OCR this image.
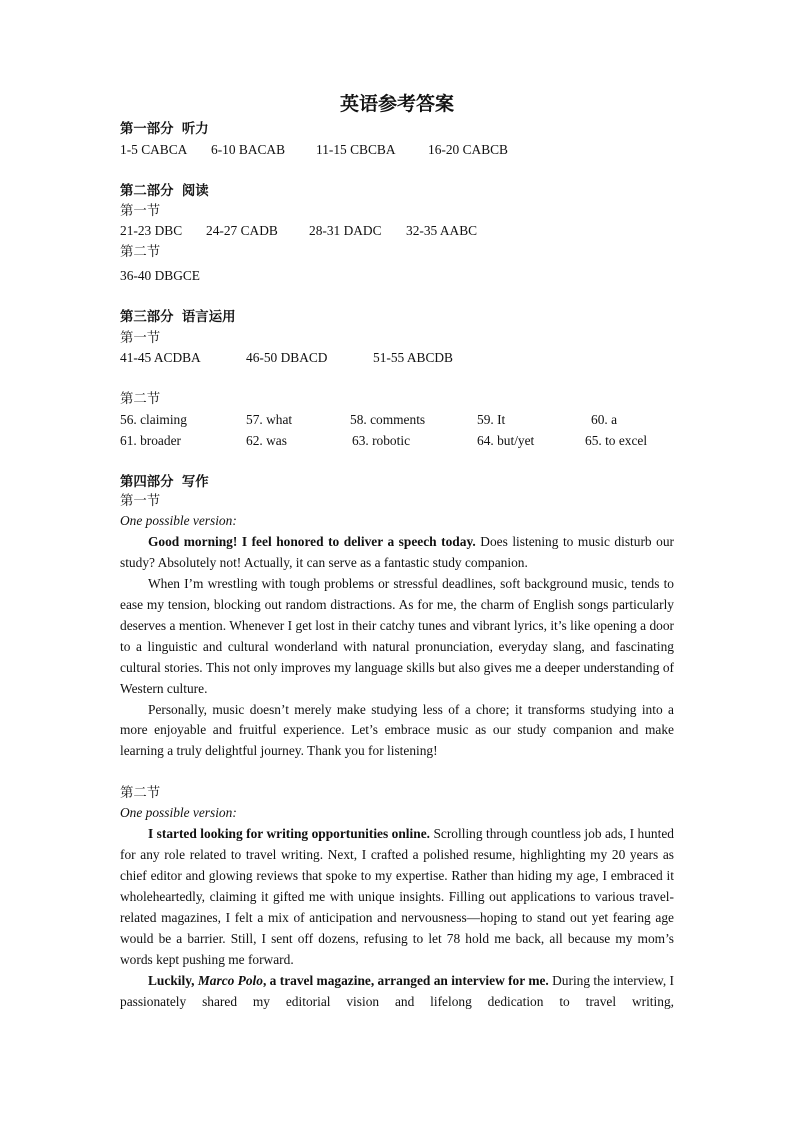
英语参考答案
第一部分 听力
1-5 CABCA 6-10 BACAB 11-15 CBCBA 16-20 CABCB
第二部分 阅读
第一节
21-23 DBC 24-27 CADB 28-31 DADC 32-35 AABC
第二节
36-40 DBGCE
第三部分 语言运用
第一节
41-45 ACDBA	46-50 DBACD	51-55 ABCDB
第二节
56. claiming	57. what	58. comments	59. It	60. a
61. broader	62. was	63. robotic	64. but/yet	65. to excel
第四部分 写作

第一节

One possible version:

Good morning! I feel honored to deliver a speech today. Does listening to music disturb our study? Absolutely not! Actually, it can serve as a fantastic study companion.

When I’m wrestling with tough problems or stressful deadlines, soft background music, tends to ease my tension, blocking out random distractions. As for me, the charm of English songs particularly deserves a mention. Whenever I get lost in their catchy tunes and vibrant lyrics, it’s like opening a door to a linguistic and cultural wonderland with natural pronunciation, everyday slang, and fascinating cultural stories. This not only improves my language skills but also gives me a deeper understanding of Western culture.

Personally, music doesn’t merely make studying less of a chore; it transforms studying into a more enjoyable and fruitful experience. Let’s embrace music as our study companion and make learning a truly delightful journey. Thank you for listening!

第二节

One possible version:

I started looking for writing opportunities online. Scrolling through countless job ads, I hunted for any role related to travel writing. Next, I crafted a polished resume, highlighting my 20 years as chief editor and glowing reviews that spoke to my expertise. Rather than hiding my age, I embraced it wholeheartedly, claiming it gifted me with unique insights. Filling out applications to various travel-related magazines, I felt a mix of anticipation and nervousness—hoping to stand out yet fearing age would be a barrier. Still, I sent off dozens, refusing to let 78 hold me back, all because my mom’s words kept pushing me forward.

Luckily, Marco Polo, a travel magazine, arranged an interview for me. During the interview, I passionately shared my editorial vision and lifelong dedication to travel writing,
